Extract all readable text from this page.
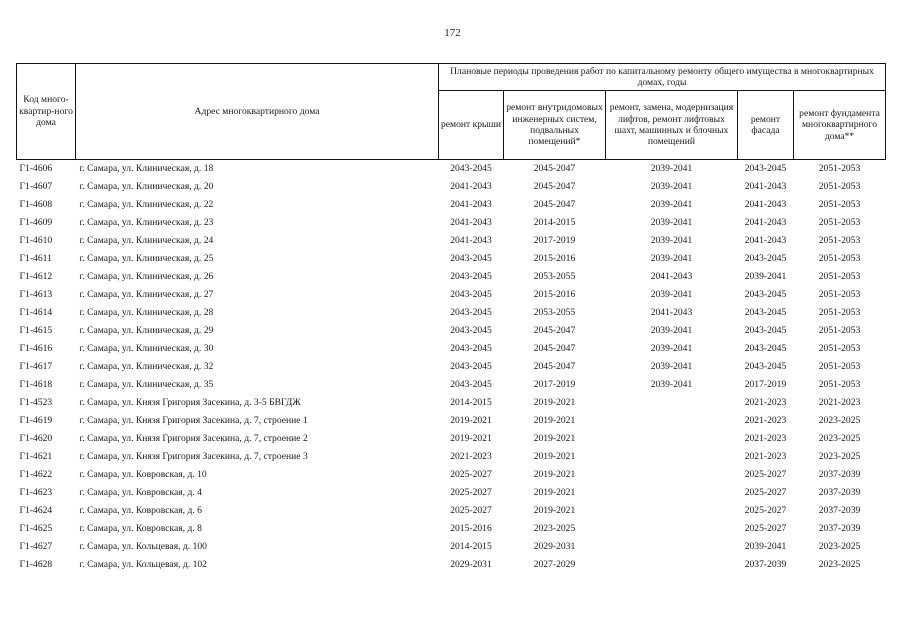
172
Код много-квартир-ного дома	Адрес многоквартирного дома	Плановые периоды проведения работ по капитальному ремонту общего имущества в многоквартирных домах, годы				
		ремонт крыши	ремонт внутридомовых инженерных систем, подвальных помещений*	ремонт, замена, модернизация лифтов, ремонт лифтовых шахт, машинных и блочных помещений	ремонт фасада	ремонт фундамента многоквартирного дома**
Г1-4606	г. Самара, ул. Клиническая, д. 18	2043-2045	2045-2047	2039-2041	2043-2045	2051-2053
Г1-4607	г. Самара, ул. Клиническая, д. 20	2041-2043	2045-2047	2039-2041	2041-2043	2051-2053
Г1-4608	г. Самара, ул. Клиническая, д. 22	2041-2043	2045-2047	2039-2041	2041-2043	2051-2053
Г1-4609	г. Самара, ул. Клиническая, д. 23	2041-2043	2014-2015	2039-2041	2041-2043	2051-2053
Г1-4610	г. Самара, ул. Клиническая, д. 24	2041-2043	2017-2019	2039-2041	2041-2043	2051-2053
Г1-4611	г. Самара, ул. Клиническая, д. 25	2043-2045	2015-2016	2039-2041	2043-2045	2051-2053
Г1-4612	г. Самара, ул. Клиническая, д. 26	2043-2045	2053-2055	2041-2043	2039-2041	2051-2053
Г1-4613	г. Самара, ул. Клиническая, д. 27	2043-2045	2015-2016	2039-2041	2043-2045	2051-2053
Г1-4614	г. Самара, ул. Клиническая, д. 28	2043-2045	2053-2055	2041-2043	2043-2045	2051-2053
Г1-4615	г. Самара, ул. Клиническая, д. 29	2043-2045	2045-2047	2039-2041	2043-2045	2051-2053
Г1-4616	г. Самара, ул. Клиническая, д. 30	2043-2045	2045-2047	2039-2041	2043-2045	2051-2053
Г1-4617	г. Самара, ул. Клиническая, д. 32	2043-2045	2045-2047	2039-2041	2043-2045	2051-2053
Г1-4618	г. Самара, ул. Клиническая, д. 35	2043-2045	2017-2019	2039-2041	2017-2019	2051-2053
Г1-4523	г. Самара, ул. Князя Григория Засекина, д. 3-5 БВГДЖ	2014-2015	2019-2021		2021-2023	2021-2023
Г1-4619	г. Самара, ул. Князя Григория Засекина, д. 7, строение 1	2019-2021	2019-2021		2021-2023	2023-2025
Г1-4620	г. Самара, ул. Князя Григория Засекина, д. 7, строение 2	2019-2021	2019-2021		2021-2023	2023-2025
Г1-4621	г. Самара, ул. Князя Григория Засекина, д. 7, строение 3	2021-2023	2019-2021		2021-2023	2023-2025
Г1-4622	г. Самара, ул. Ковровская, д. 10	2025-2027	2019-2021		2025-2027	2037-2039
Г1-4623	г. Самара, ул. Ковровская, д. 4	2025-2027	2019-2021		2025-2027	2037-2039
Г1-4624	г. Самара, ул. Ковровская, д. 6	2025-2027	2019-2021		2025-2027	2037-2039
Г1-4625	г. Самара, ул. Ковровская, д. 8	2015-2016	2023-2025		2025-2027	2037-2039
Г1-4627	г. Самара, ул. Кольцевая, д. 100	2014-2015	2029-2031		2039-2041	2023-2025
Г1-4628	г. Самара, ул. Кольцевая, д. 102	2029-2031	2027-2029		2037-2039	2023-2025
